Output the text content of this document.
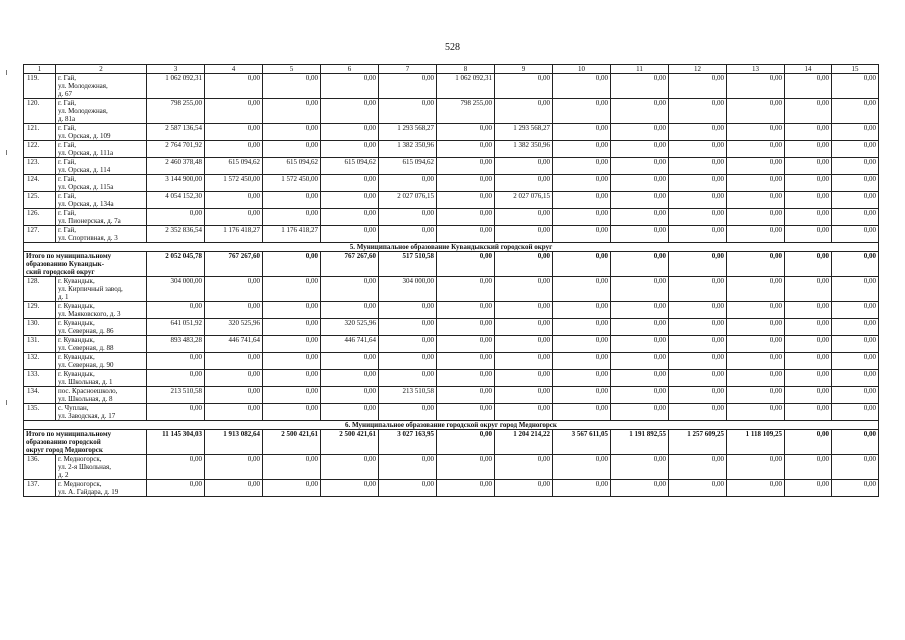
528
1	2	3	4	5	6	7	8	9	10	11	12	13	14	15
119.	г. Гай,
ул. Молодежная,
д. 67	1 062 092,31	0,00	0,00	0,00	0,00	1 062 092,31	0,00	0,00	0,00	0,00	0,00	0,00	0,00
120.	г. Гай,
ул. Молодежная,
д. 81а	798 255,00	0,00	0,00	0,00	0,00	798 255,00	0,00	0,00	0,00	0,00	0,00	0,00	0,00
121.	г. Гай,
ул. Орская, д. 109	2 587 136,54	0,00	0,00	0,00	1 293 568,27	0,00	1 293 568,27	0,00	0,00	0,00	0,00	0,00	0,00
122.	г. Гай,
ул. Орская, д. 111а	2 764 701,92	0,00	0,00	0,00	1 382 350,96	0,00	1 382 350,96	0,00	0,00	0,00	0,00	0,00	0,00
123.	г. Гай,
ул. Орская, д. 114	2 460 378,48	615 094,62	615 094,62	615 094,62	615 094,62	0,00	0,00	0,00	0,00	0,00	0,00	0,00	0,00
124.	г. Гай,
ул. Орская, д. 115а	3 144 900,00	1 572 450,00	1 572 450,00	0,00	0,00	0,00	0,00	0,00	0,00	0,00	0,00	0,00	0,00
125.	г. Гай,
ул. Орская, д. 134а	4 054 152,30	0,00	0,00	0,00	2 027 076,15	0,00	2 027 076,15	0,00	0,00	0,00	0,00	0,00	0,00
126.	г. Гай,
ул. Пионерская, д. 7а	0,00	0,00	0,00	0,00	0,00	0,00	0,00	0,00	0,00	0,00	0,00	0,00	0,00
127.	г. Гай,
ул. Спортивная, д. 3	2 352 836,54	1 176 418,27	1 176 418,27	0,00	0,00	0,00	0,00	0,00	0,00	0,00	0,00	0,00	0,00
5. Муниципальное образование Кувандыкский городской округ														

Итого по муниципальному
образованию Кувандык-
ский городской округ		2 052 045,78	767 267,60	0,00	767 267,60	517 510,58	0,00	0,00	0,00	0,00	0,00	0,00	0,00	0,00
128.	г. Кувандык,
ул. Кирпичный завод,
д. 1	304 000,00	0,00	0,00	0,00	304 000,00	0,00	0,00	0,00	0,00	0,00	0,00	0,00	0,00
129.	г. Кувандык,
ул. Маяковского, д. 3	0,00	0,00	0,00	0,00	0,00	0,00	0,00	0,00	0,00	0,00	0,00	0,00	0,00
130.	г. Кувандык,
ул. Северная, д. 86	641 051,92	320 525,96	0,00	320 525,96	0,00	0,00	0,00	0,00	0,00	0,00	0,00	0,00	0,00
131.	г. Кувандык,
ул. Северная, д. 88	893 483,28	446 741,64	0,00	446 741,64	0,00	0,00	0,00	0,00	0,00	0,00	0,00	0,00	0,00
132.	г. Кувандык,
ул. Северная, д. 90	0,00	0,00	0,00	0,00	0,00	0,00	0,00	0,00	0,00	0,00	0,00	0,00	0,00
133.	г. Кувандык,
ул. Школьная, д. 1	0,00	0,00	0,00	0,00	0,00	0,00	0,00	0,00	0,00	0,00	0,00	0,00	0,00
134.	пос. Красноешколо,
ул. Школьная, д. 8	213 510,58	0,00	0,00	0,00	213 510,58	0,00	0,00	0,00	0,00	0,00	0,00	0,00	0,00
135.	с. Чуплан,
ул. Заводская, д. 17	0,00	0,00	0,00	0,00	0,00	0,00	0,00	0,00	0,00	0,00	0,00	0,00	0,00
6. Муниципальное образование городской округ город Медногорск														

Итого по муниципальному
образованию городской
округ город Медногорск		11 145 304,03	1 913 082,64	2 500 421,61	2 500 421,61	3 027 163,95	0,00	1 204 214,22	3 567 611,05	1 191 892,55	1 257 609,25	1 118 109,25	0,00	0,00
136.	г. Медногорск,
ул. 2-я Школьная,
д. 2	0,00	0,00	0,00	0,00	0,00	0,00	0,00	0,00	0,00	0,00	0,00	0,00	0,00
137.	г. Медногорск,
ул. А. Гайдара, д. 19	0,00	0,00	0,00	0,00	0,00	0,00	0,00	0,00	0,00	0,00	0,00	0,00	0,00
